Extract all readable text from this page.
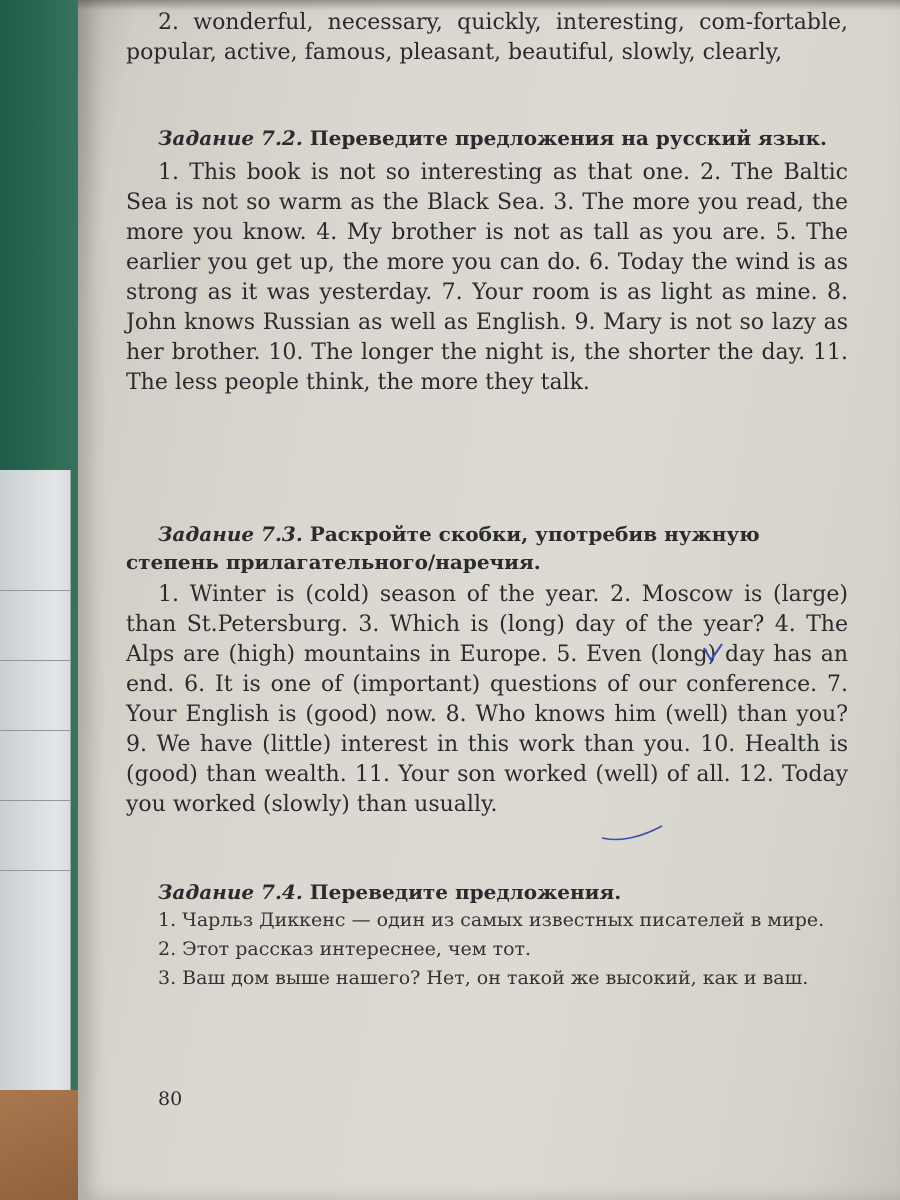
2. wonderful, necessary, quickly, interesting, com-fortable, popular, active, famous, pleasant, beautiful, slowly, clearly,

Задание 7.2. Переведите предложения на русский язык.

1. This book is not so interesting as that one. 2. The Baltic Sea is not so warm as the Black Sea. 3. The more you read, the more you know. 4. My brother is not as tall as you are. 5. The earlier you get up, the more you can do. 6. Today the wind is as strong as it was yesterday. 7. Your room is as light as mine. 8. John knows Russian as well as English. 9. Mary is not so lazy as her brother. 10. The longer the night is, the shorter the day. 11. The less people think, the more they talk.

Задание 7.3. Раскройте скобки, употребив нужную степень прилагательного/наречия.

1. Winter is (cold) season of the year. 2. Moscow is (large) than St.Petersburg. 3. Which is (long) day of the year? 4. The Alps are (high) mountains in Europe. 5. Even (long) day has an end. 6. It is one of (important) questions of our conference. 7. Your English is (good) now. 8. Who knows him (well) than you? 9. We have (little) interest in this work than you. 10. Health is (good) than wealth. 11. Your son worked (well) of all. 12. Today you worked (slowly) than usually.

Задание 7.4. Переведите предложения.

1. Чарльз Диккенс — один из самых известных писателей в мире.

2. Этот рассказ интереснее, чем тот.

3. Ваш дом выше нашего? Нет, он такой же высокий, как и ваш.

80
